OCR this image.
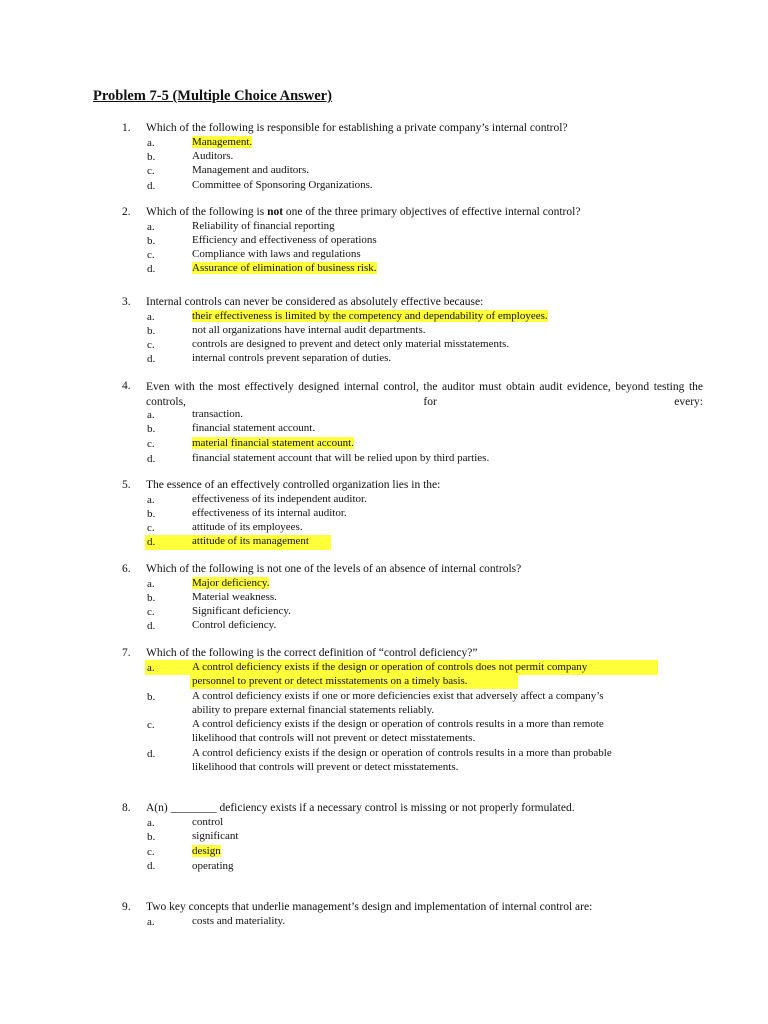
Problem 7-5 (Multiple Choice Answer)
1. Which of the following is responsible for establishing a private company’s internal control?
a.	Management.
b.	Auditors.
c.	Management and auditors.
d.	Committee of Sponsoring Organizations.
2. Which of the following is not one of the three primary objectives of effective internal control?
a.	Reliability of financial reporting
b.	Efficiency and effectiveness of operations
c.	Compliance with laws and regulations
d.	Assurance of elimination of business risk.
3. Internal controls can never be considered as absolutely effective because:
a.	their effectiveness is limited by the competency and dependability of employees.
b.	not all organizations have internal audit departments.
c.	controls are designed to prevent and detect only material misstatements.
d.	internal controls prevent separation of duties.
4. Even with the most effectively designed internal control, the auditor must obtain audit evidence, beyond testing the controls, for every:
a.	transaction.
b.	financial statement account.
c.	material financial statement account.
d.	financial statement account that will be relied upon by third parties.
5. The essence of an effectively controlled organization lies in the:
a.	effectiveness of its independent auditor.
b.	effectiveness of its internal auditor.
c.	attitude of its employees.
d.	attitude of its management
6. Which of the following is not one of the levels of an absence of internal controls?
a.	Major deficiency.
b.	Material weakness.
c.	Significant deficiency.
d.	Control deficiency.
7. Which of the following is the correct definition of “control deficiency?”
a.	A control deficiency exists if the design or operation of controls does not permit company
personnel to prevent or detect misstatements on a timely basis.
b.	A control deficiency exists if one or more deficiencies exist that adversely affect a company’s
ability to prepare external financial statements reliably.
c.	A control deficiency exists if the design or operation of controls results in a more than remote
likelihood that controls will not prevent or detect misstatements.
d.	A control deficiency exists if the design or operation of controls results in a more than probable
likelihood that controls will prevent or detect misstatements.
8. A(n) ________ deficiency exists if a necessary control is missing or not properly formulated.
a.	control
b.	significant
c.	design
d.	operating
9. Two key concepts that underlie management’s design and implementation of internal control are:
a.	costs and materiality.
